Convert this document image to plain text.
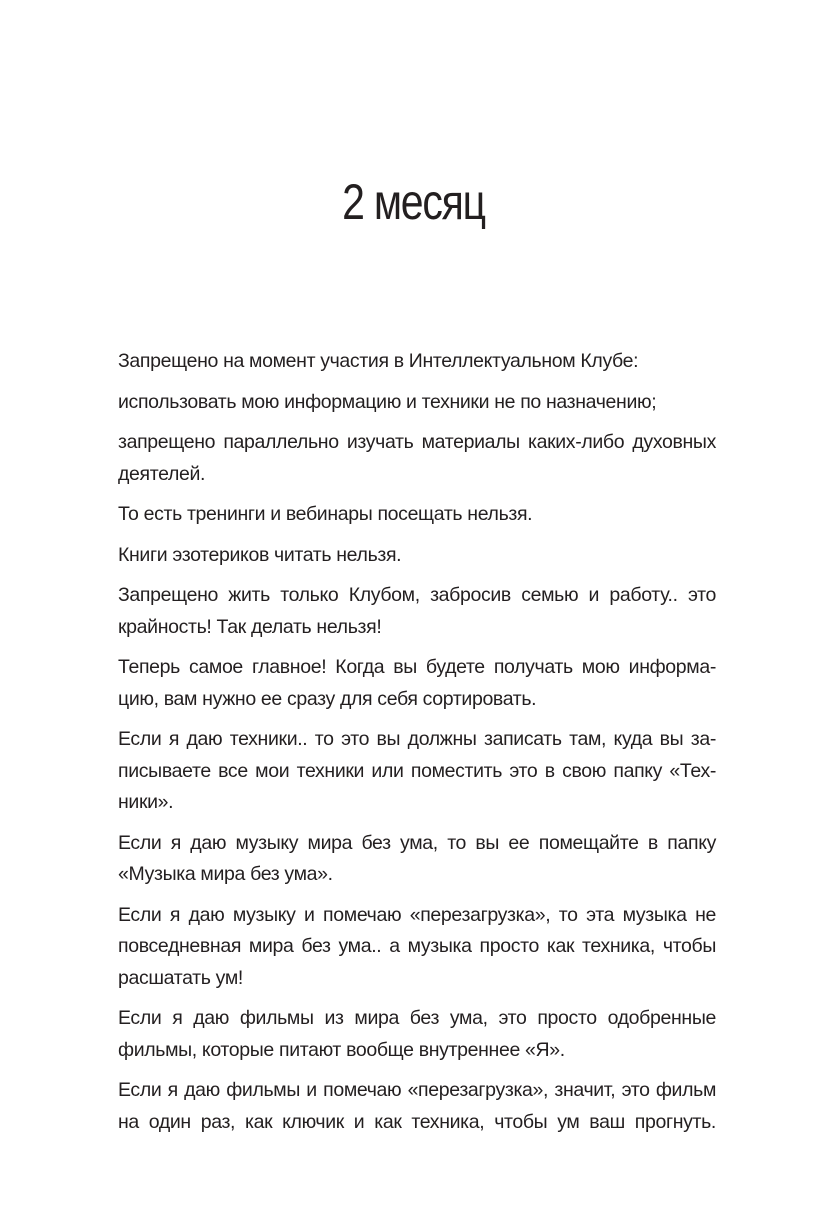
2 месяц

Запрещено на момент участия в Интеллектуальном Клубе:

использовать мою информацию и техники не по назначению;

запрещено параллельно изучать материалы каких-либо духовных
деятелей.

То есть тренинги и вебинары посещать нельзя.

Книги эзотериков читать нельзя.

Запрещено жить только Клубом, забросив семью и работу.. это
крайность! Так делать нельзя!

Теперь самое главное! Когда вы будете получать мою информа-
цию, вам нужно ее сразу для себя сортировать.

Если я даю техники.. то это вы должны записать там, куда вы за-
писываете все мои техники или поместить это в свою папку «Тех-
ники».

Если я даю музыку мира без ума, то вы ее помещайте в папку
«Музыка мира без ума».

Если я даю музыку и помечаю «перезагрузка», то эта музыка не
повседневная мира без ума.. а музыка просто как техника, чтобы
расшатать ум!

Если я даю фильмы из мира без ума, это просто одобренные
фильмы, которые питают вообще внутреннее «Я».

Если я даю фильмы и помечаю «перезагрузка», значит, это фильм
на один раз, как ключик и как техника, чтобы ум ваш прогнуть.
